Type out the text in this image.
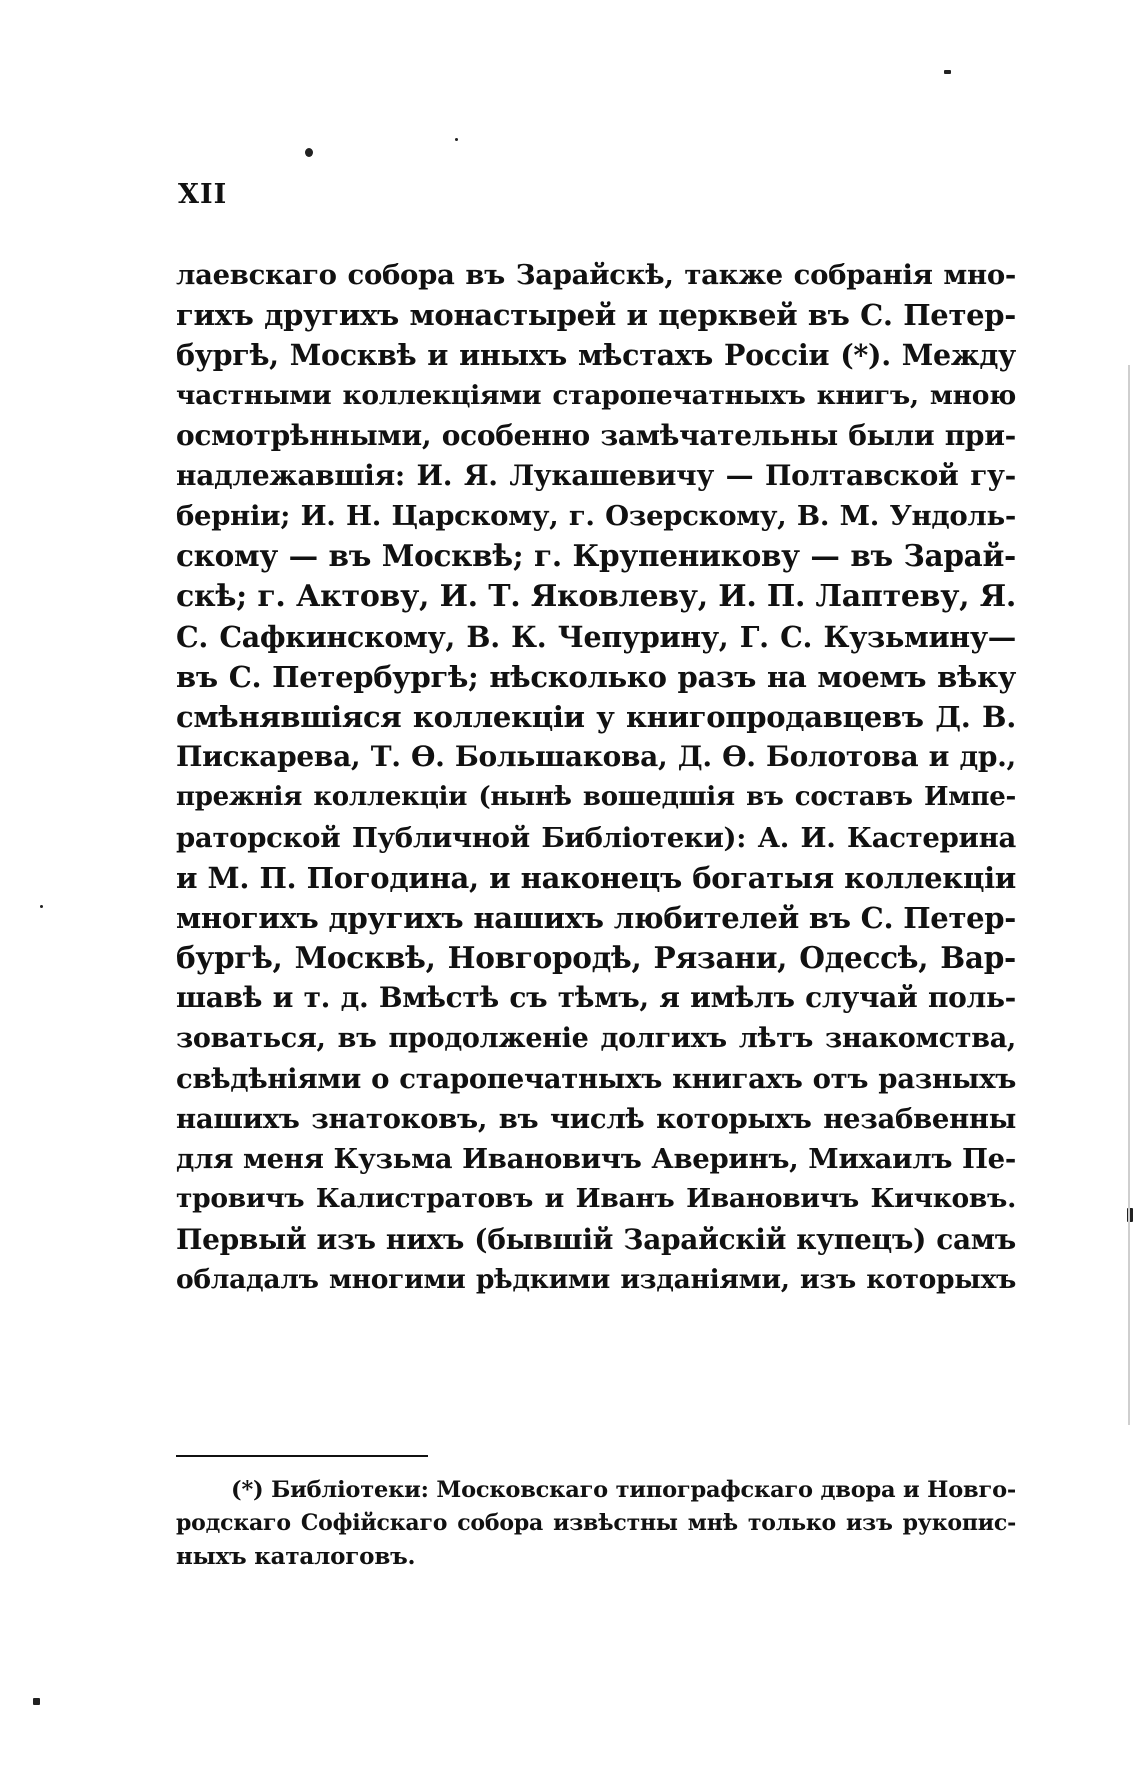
XII
лаевскаго собора въ Зарайскѣ, также собранія мно-
гихъ другихъ монастырей и церквей въ С. Петер-
бургѣ, Москвѣ и иныхъ мѣстахъ Россіи (*). Между
частными коллекціями старопечатныхъ книгъ, мною
осмотрѣнными, особенно замѣчательны были при-
надлежавшія: И. Я. Лукашевичу — Полтавской гу-
берніи; И. Н. Царскому, г. Озерскому, В. М. Ундоль-
скому — въ Москвѣ; г. Крупеникову — въ Зарай-
скѣ; г. Актову, И. Т. Яковлеву, И. П. Лаптеву, Я.
С. Сафкинскому, В. К. Чепурину, Г. С. Кузьмину—
въ С. Петербургѣ; нѣсколько разъ на моемъ вѣку
смѣнявшіяся коллекціи у книгопродавцевъ Д. В.
Пискарева, Т. Ѳ. Большакова, Д. Ѳ. Болотова и др.,
прежнія коллекціи (нынѣ вошедшія въ составъ Импе-
раторской Публичной Библіотеки): А. И. Кастерина
и М. П. Погодина, и наконецъ богатыя коллекціи
многихъ другихъ нашихъ любителей въ С. Петер-
бургѣ, Москвѣ, Новгородѣ, Рязани, Одессѣ, Вар-
шавѣ и т. д. Вмѣстѣ съ тѣмъ, я имѣлъ случай поль-
зоваться, въ продолженіе долгихъ лѣтъ знакомства,
свѣдѣніями о старопечатныхъ книгахъ отъ разныхъ
нашихъ знатоковъ, въ числѣ которыхъ незабвенны
для меня Кузьма Ивановичъ Аверинъ, Михаилъ Пе-
тровичъ Калистратовъ и Иванъ Ивановичъ Кичковъ.
Первый изъ нихъ (бывшій Зарайскій купецъ) самъ
обладалъ многими рѣдкими изданіями, изъ которыхъ
(*) Библіотеки: Московскаго типографскаго двора и Новго-
родскаго Софійскаго собора извѣстны мнѣ только изъ рукопис-
ныхъ каталоговъ.
